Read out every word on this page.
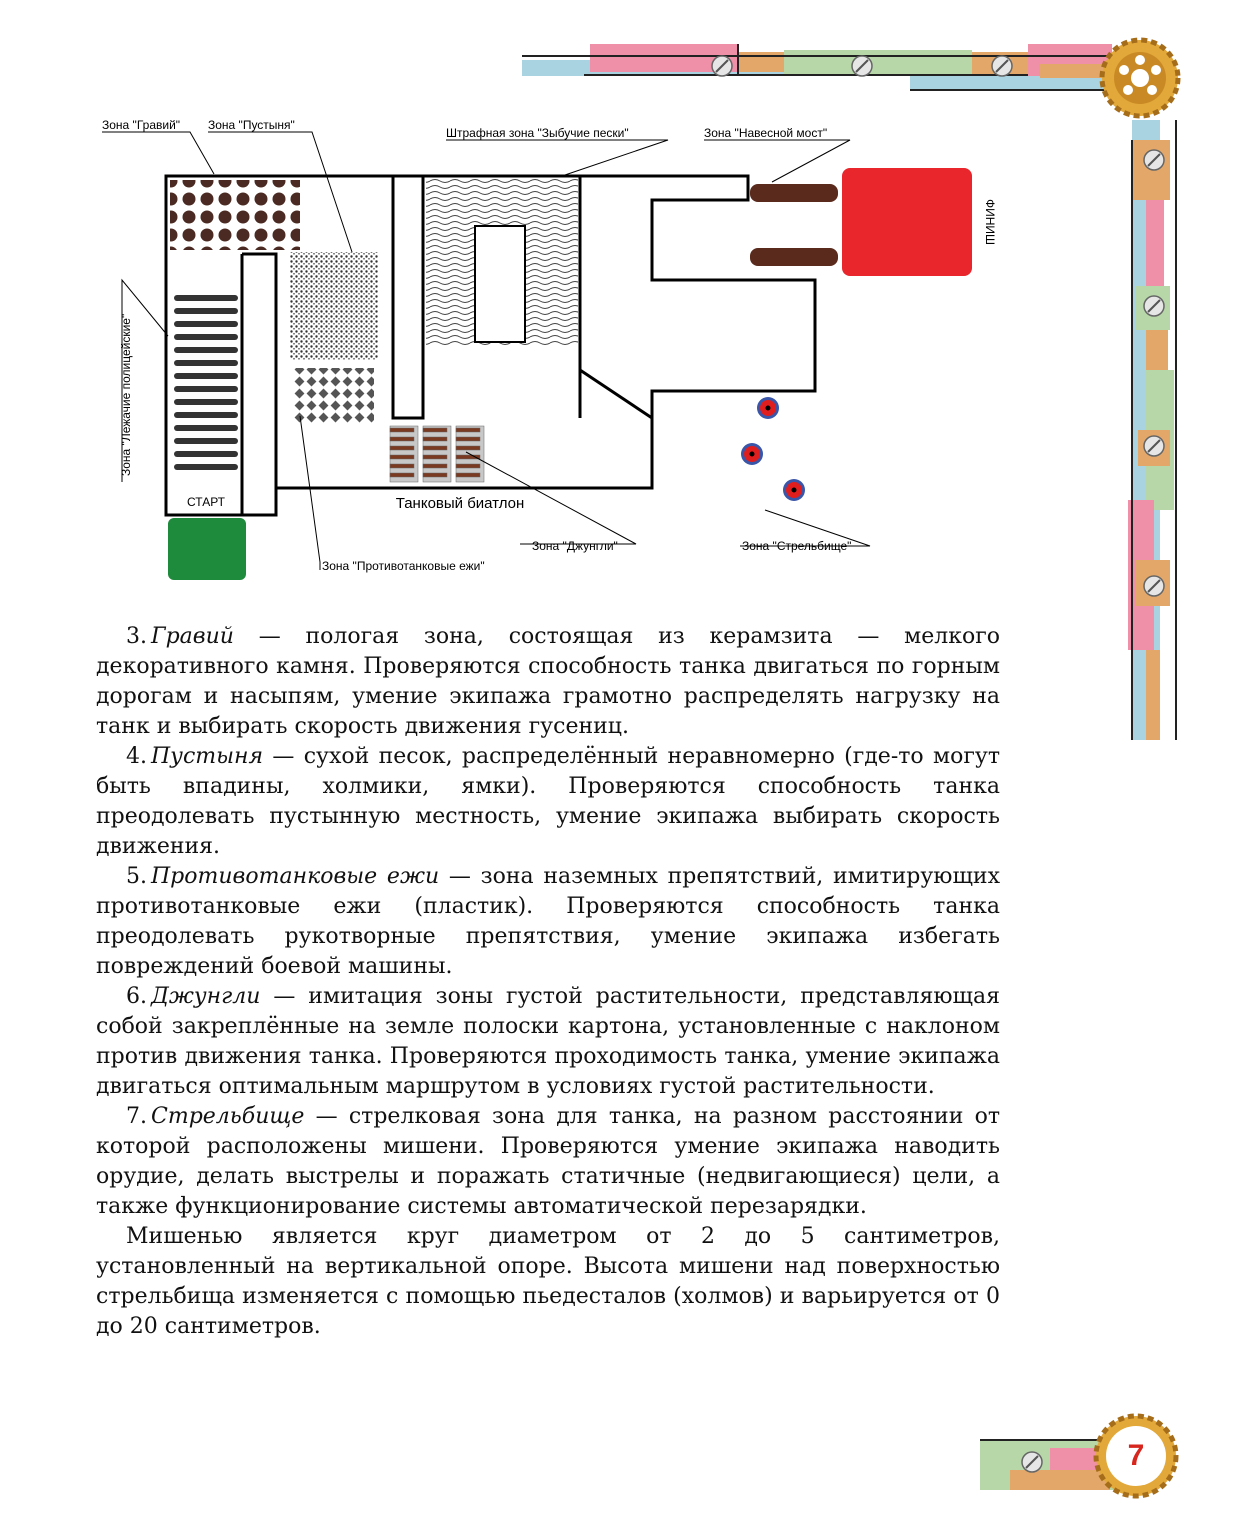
ФИНИШ
СТАРТ	Танковый биатлон
Зона "Гравий" Зона "Пустыня"
Штрафная зона "Зыбучие пески"	Зона "Навесной мост"
Зона "Лежачие полицейские"
Зона "Джунгли"	Зона "Стрельбище"
Зона "Противотанковые ежи"

3. Гравий — пологая зона, состоящая из керамзита — мелкого декоративного камня. Проверяются способность танка двигаться по горным дорогам и насыпям, умение экипажа грамотно распределять нагрузку на танк и выбирать скорость движения гусениц.

4. Пустыня — сухой песок, распределённый неравномерно (где-то могут быть впадины, холмики, ямки). Проверяются способность танка преодолевать пустынную местность, умение экипажа выбирать скорость движения.

5. Противотанковые ежи — зона наземных препятствий, имитирующих противотанковые ежи (пластик). Проверяются способность танка преодолевать рукотворные препятствия, умение экипажа избегать повреждений боевой машины.

6. Джунгли — имитация зоны густой растительности, представляющая собой закреплённые на земле полоски картона, установленные с наклоном против движения танка. Проверяются проходимость танка, умение экипажа двигаться оптимальным маршрутом в условиях густой растительности.

7. Стрельбище — стрелковая зона для танка, на разном расстоянии от которой расположены мишени. Проверяются умение экипажа наводить орудие, делать выстрелы и поражать статичные (недвигающиеся) цели, а также функционирование системы автоматической перезарядки.

Мишенью является круг диаметром от 2 до 5 сантиметров, установленный на вертикальной опоре. Высота мишени над поверхностью стрельбища изменяется с помощью пьедесталов (холмов) и варьируется от 0 до 20 сантиметров.

7
